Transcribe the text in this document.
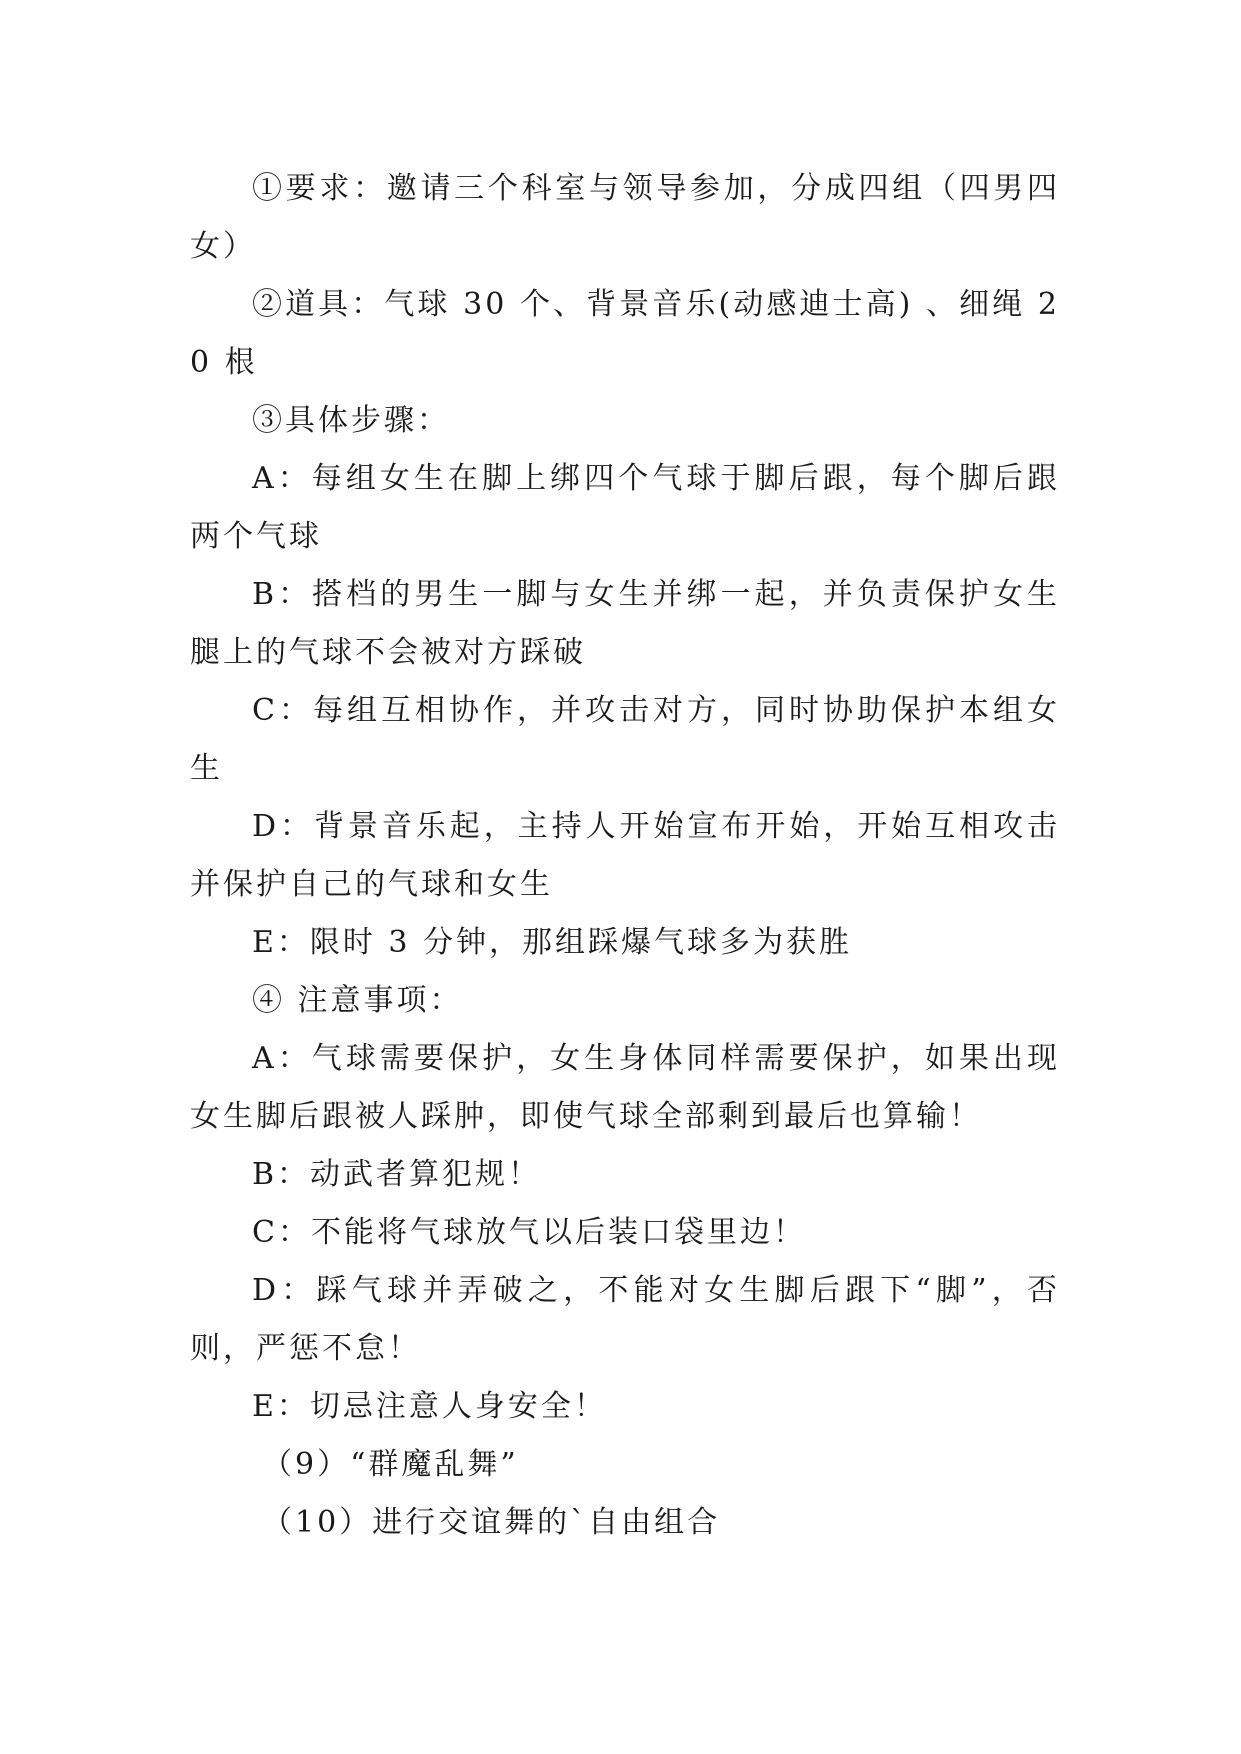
①要求：邀请三个科室与领导参加，分成四组（四男四女）

②道具：气球 30 个、背景音乐(动感迪士高) 、细绳 20 根

③具体步骤：

A：每组女生在脚上绑四个气球于脚后跟，每个脚后跟两个气球

B：搭档的男生一脚与女生并绑一起，并负责保护女生腿上的气球不会被对方踩破

C：每组互相协作，并攻击对方，同时协助保护本组女生

D：背景音乐起，主持人开始宣布开始，开始互相攻击并保护自己的气球和女生

E：限时 3 分钟，那组踩爆气球多为获胜

④ 注意事项：

A：气球需要保护，女生身体同样需要保护，如果出现女生脚后跟被人踩肿，即使气球全部剩到最后也算输！

B：动武者算犯规！

C：不能将气球放气以后装口袋里边！

D：踩气球并弄破之，不能对女生脚后跟下“脚”，否则，严惩不怠！

E：切忌注意人身安全！

（9）“群魔乱舞”

（10）进行交谊舞的`自由组合
